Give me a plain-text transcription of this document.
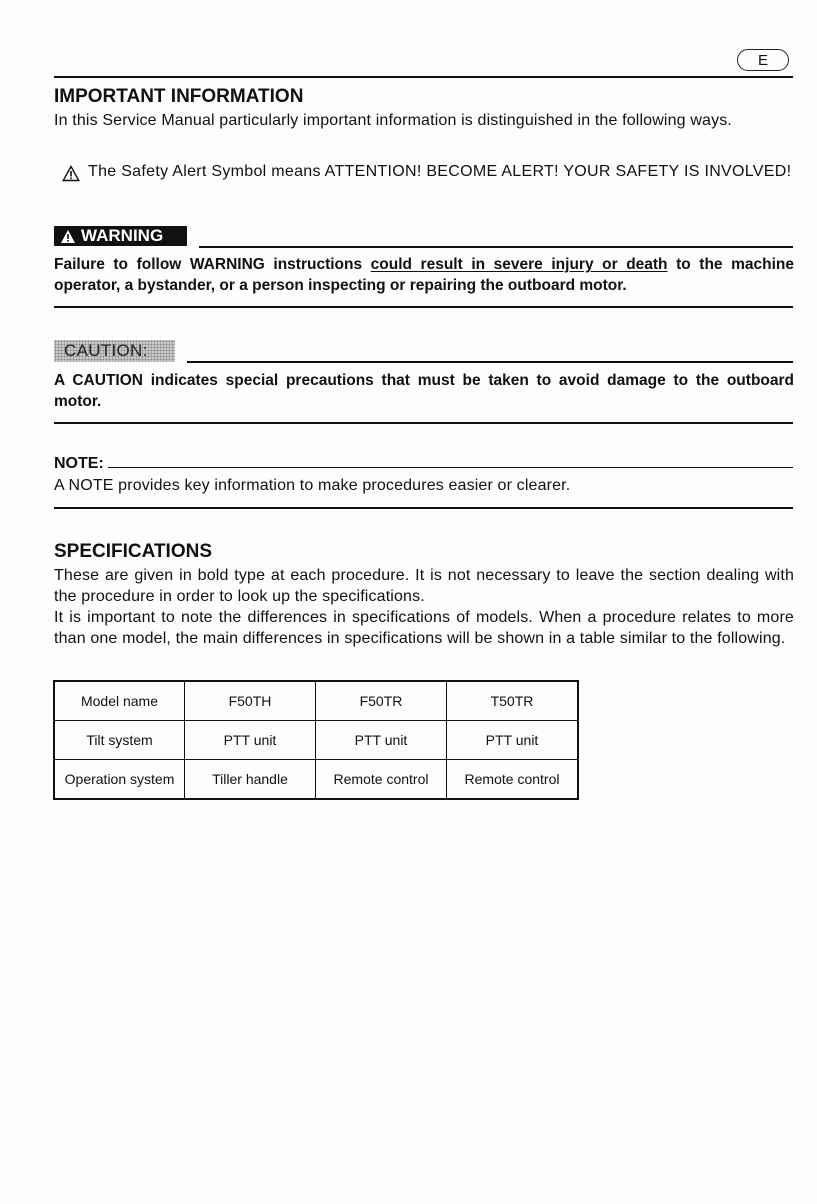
E
IMPORTANT INFORMATION

In this Service Manual particularly important information is distinguished in the following ways.

The Safety Alert Symbol means ATTENTION! BECOME ALERT! YOUR SAFETY IS INVOLVED!
WARNING

Failure to follow WARNING instructions could result in severe injury or death to the machine operator, a bystander, or a person inspecting or repairing the outboard motor.

CAUTION:

A CAUTION indicates special precautions that must be taken to avoid damage to the outboard motor.

NOTE:

A NOTE provides key information to make procedures easier or clearer.

SPECIFICATIONS

These are given in bold type at each procedure. It is not necessary to leave the section dealing with the procedure in order to look up the specifications.

It is important to note the differences in specifications of models. When a procedure relates to more than one model, the main differences in specifications will be shown in a table similar to the following.

Model name	F50TH	F50TR	T50TR
Tilt system	PTT unit	PTT unit	PTT unit
Operation system	Tiller handle	Remote control	Remote control
